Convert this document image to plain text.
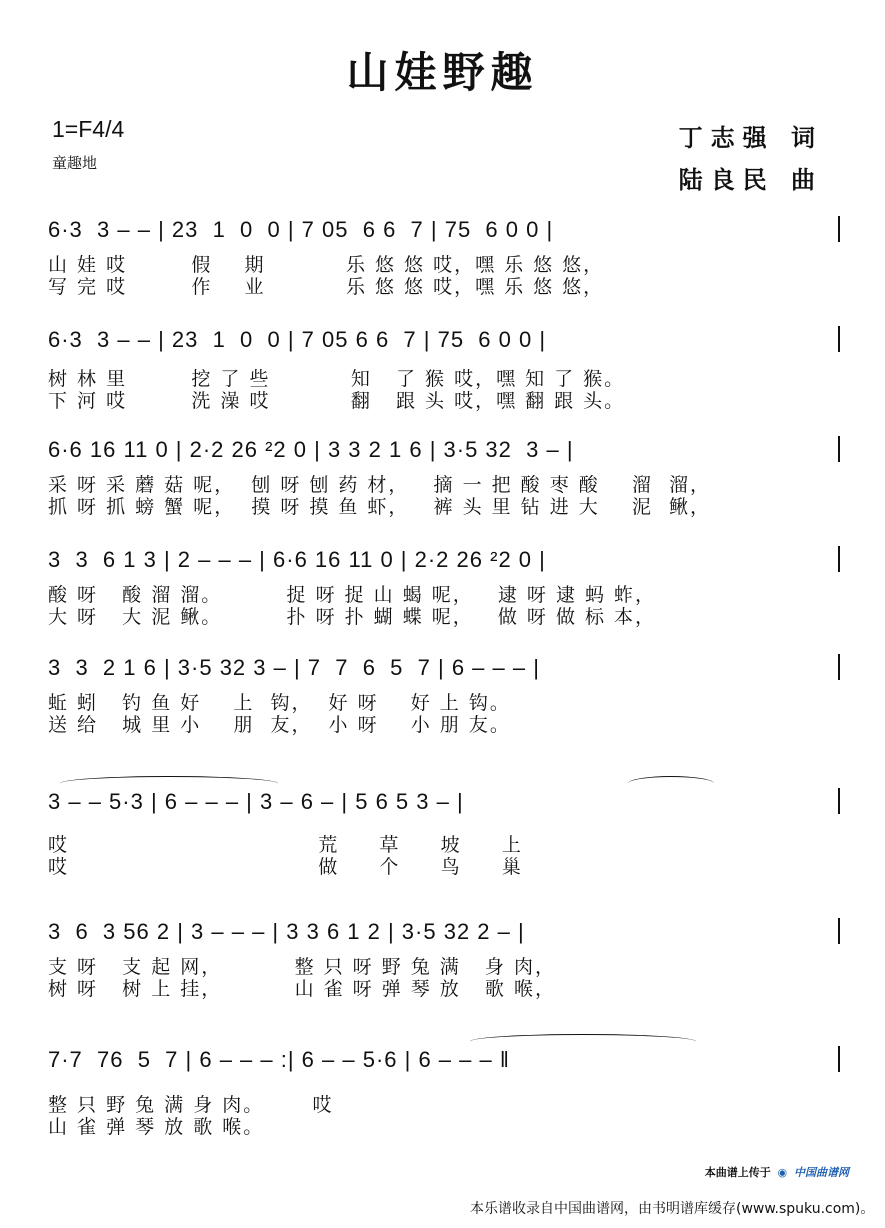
山娃野趣
1=F4/4
童趣地
丁志强 词
陆良民 曲
6·3  3 – – | 23  1  0  0 | 7 05  6 6  7 | 75  6 0 0 |
山 娃 哎        假    期          乐 悠 悠 哎，嘿 乐 悠 悠，
写 完 哎        作    业          乐 悠 悠 哎，嘿 乐 悠 悠，
6·3  3 – – | 23  1  0  0 | 7 05 6 6  7 | 75  6 0 0 |
树 林 里        挖 了 些          知   了 猴 哎，嘿 知 了 猴。
下 河 哎        洗 澡 哎          翻   跟 头 哎，嘿 翻 跟 头。
6·6 16 11 0 | 2·2 26 ²2 0 | 3 3 2 1 6 | 3·5 32  3 – |
采 呀 采 蘑 菇 呢，  刨 呀 刨 药 材，   摘 一 把 酸 枣 酸    溜  溜，
抓 呀 抓 螃 蟹 呢，  摸 呀 摸 鱼 虾，   裤 头 里 钻 进 大    泥  鳅，
3  3  6 1 3 | 2 – – – | 6·6 16 11 0 | 2·2 26 ²2 0 |
酸 呀   酸 溜 溜。        捉 呀 捉 山 蝎 呢，   逮 呀 逮 蚂 蚱，
大 呀   大 泥 鳅。        扑 呀 扑 蝴 蝶 呢，   做 呀 做 标 本，
3  3  2 1 6 | 3·5 32 3 – | 7  7  6  5  7 | 6 – – – |
蚯 蚓   钓 鱼 好    上  钩，  好 呀    好 上 钩。
送 给   城 里 小    朋  友，  小 呀    小 朋 友。
3 – – 5·3 | 6 – – – | 3 – 6 – | 5 6 5 3 – |
哎                               荒     草     坡     上
哎                               做     个     鸟     巢
3  6  3 56 2 | 3 – – – | 3 3 6 1 2 | 3·5 32 2 – |
支 呀   支 起 网，         整 只 呀 野 兔 满   身 肉，
树 呀   树 上 挂，         山 雀 呀 弹 琴 放   歌 喉，
7·7  76  5  7 | 6 – – – :| 6 – – 5·6 | 6 – – – ‖
整 只 野 兔 满 身 肉。      哎
山 雀 弹 琴 放 歌 喉。
本曲谱上传于 ◉ 中国曲谱网
本乐谱收录自中国曲谱网，由书明谱库缓存(www.spuku.com)。
